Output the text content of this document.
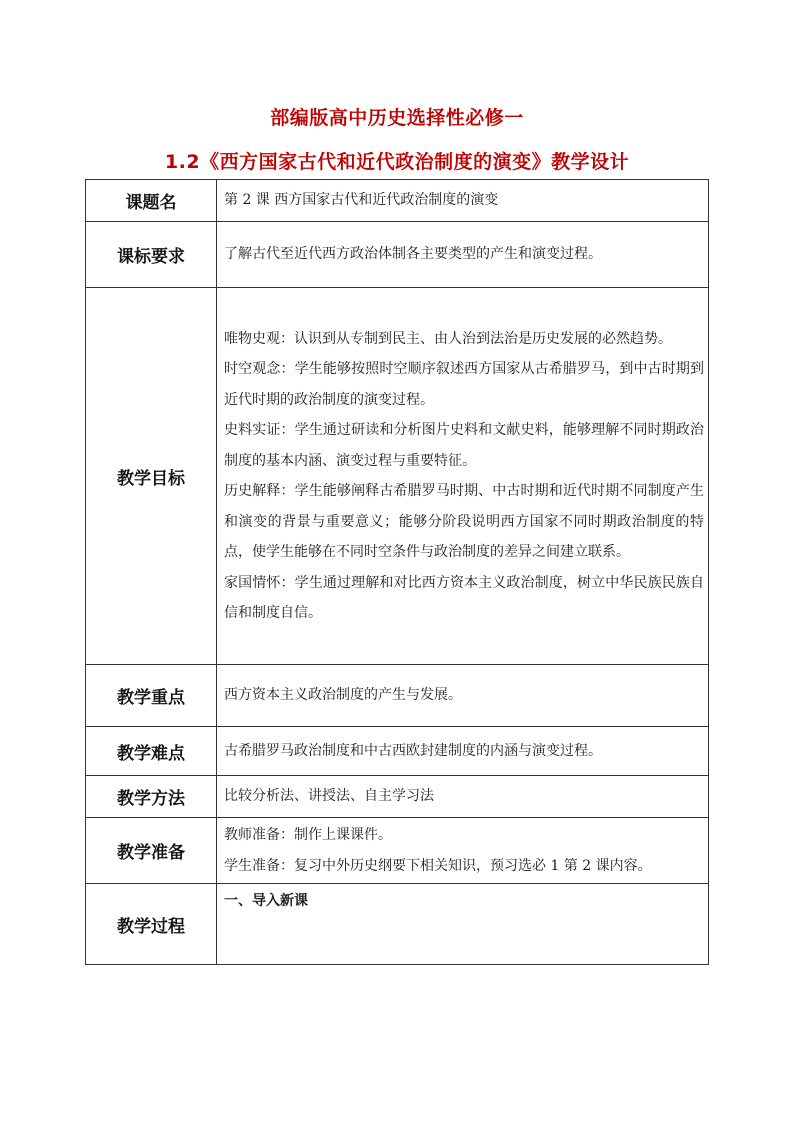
部编版高中历史选择性必修一
1.2《西方国家古代和近代政治制度的演变》教学设计
课题名	第 2 课 西方国家古代和近代政治制度的演变
课标要求	了解古代至近代西方政治体制各主要类型的产生和演变过程。
教学目标	唯物史观：认识到从专制到民主、由人治到法治是历史发展的必然趋势。

时空观念：学生能够按照时空顺序叙述西方国家从古希腊罗马，到中古时期到近代时期的政治制度的演变过程。

史料实证：学生通过研读和分析图片史料和文献史料，能够理解不同时期政治制度的基本内涵、演变过程与重要特征。

历史解释：学生能够阐释古希腊罗马时期、中古时期和近代时期不同制度产生和演变的背景与重要意义；能够分阶段说明西方国家不同时期政治制度的特点，使学生能够在不同时空条件与政治制度的差异之间建立联系。

家国情怀：学生通过理解和对比西方资本主义政治制度，树立中华民族民族自信和制度自信。

教学重点	西方资本主义政治制度的产生与发展。
教学难点	古希腊罗马政治制度和中古西欧封建制度的内涵与演变过程。
教学方法	比较分析法、讲授法、自主学习法
教学准备	教师准备：制作上课课件。

学生准备：复习中外历史纲要下相关知识，预习选必 1 第 2 课内容。

教学过程	一、导入新课
